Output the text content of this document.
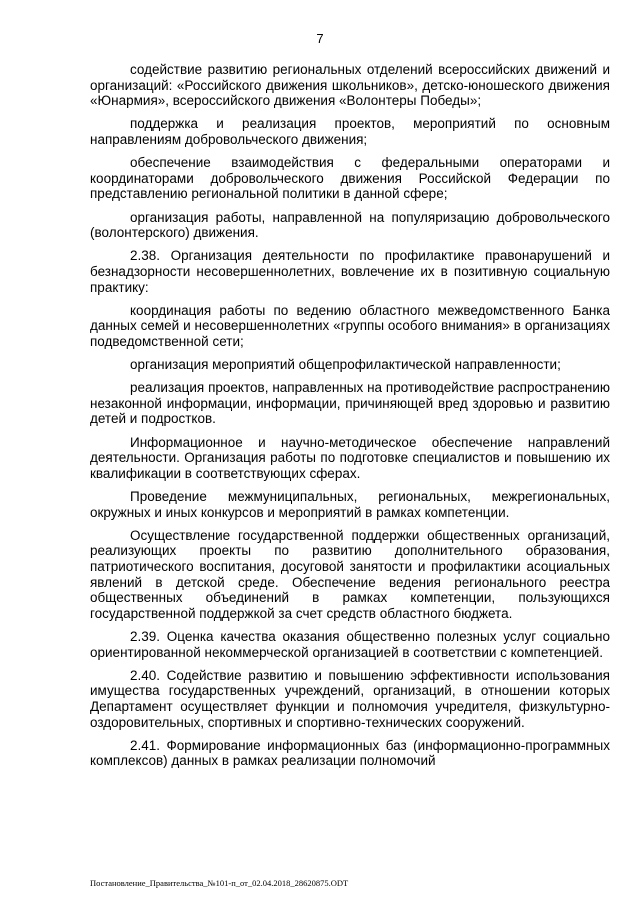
7

содействие развитию региональных отделений всероссийских движений и организаций: «Российского движения школьников», детско-юношеского движения «Юнармия», всероссийского движения «Волонтеры Победы»;

поддержка и реализация проектов, мероприятий по основным направлениям добровольческого движения;

обеспечение взаимодействия с федеральными операторами и координаторами добровольческого движения Российской Федерации по представлению региональной политики в данной сфере;

организация работы, направленной на популяризацию добровольческого (волонтерского) движения.

2.38. Организация деятельности по профилактике правонарушений и безнадзорности несовершеннолетних, вовлечение их в позитивную социальную практику:

координация работы по ведению областного межведомственного Банка данных семей и несовершеннолетних «группы особого внимания» в организациях подведомственной сети;

организация мероприятий общепрофилактической направленности;

реализация проектов, направленных на противодействие распространению незаконной информации, информации, причиняющей вред здоровью и развитию детей и подростков.

Информационное и научно-методическое обеспечение направлений деятельности. Организация работы по подготовке специалистов и повышению их квалификации в соответствующих сферах.

Проведение межмуниципальных, региональных, межрегиональных, окружных и иных конкурсов и мероприятий в рамках компетенции.

Осуществление государственной поддержки общественных организаций, реализующих проекты по развитию дополнительного образования, патриотического воспитания, досуговой занятости и профилактики асоциальных явлений в детской среде. Обеспечение ведения регионального реестра общественных объединений в рамках компетенции, пользующихся государственной поддержкой за счет средств областного бюджета.

2.39. Оценка качества оказания общественно полезных услуг социально ориентированной некоммерческой организацией в соответствии с компетенцией.

2.40. Содействие развитию и повышению эффективности использования имущества государственных учреждений, организаций, в отношении которых Департамент осуществляет функции и полномочия учредителя, физкультурно-оздоровительных, спортивных и спортивно-технических сооружений.

2.41. Формирование информационных баз (информационно-программных комплексов) данных в рамках реализации полномочий

Постановление_Правительства_№101-п_от_02.04.2018_28620875.ODT
